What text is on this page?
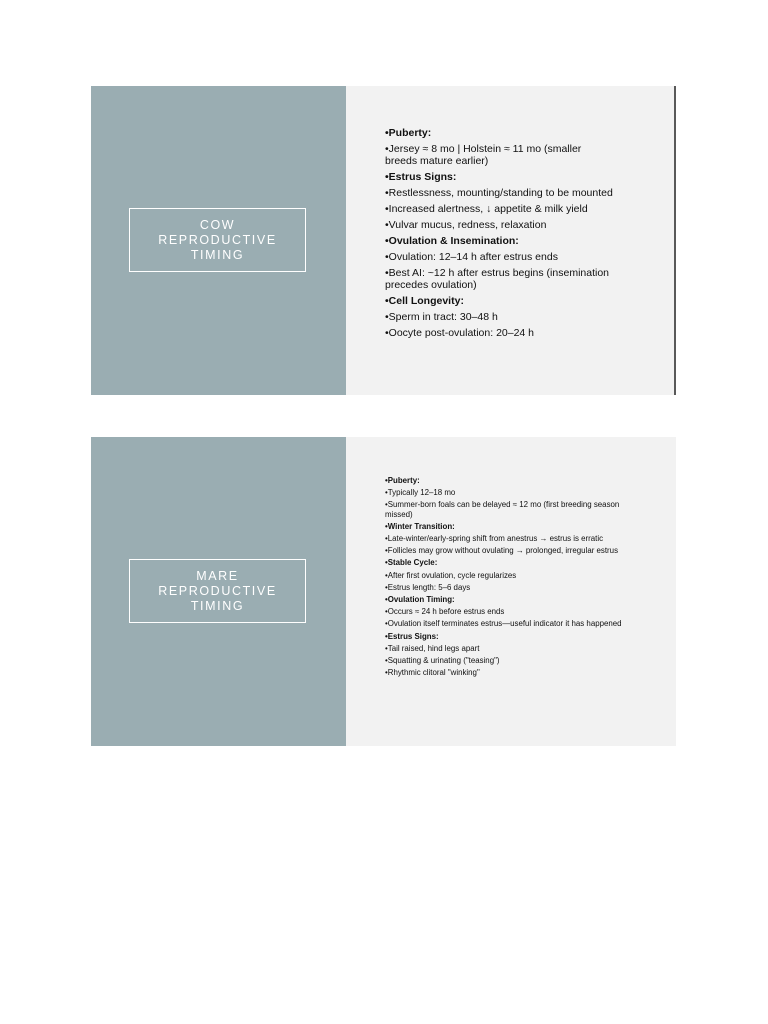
COW
REPRODUCTIVE
TIMING
•Puberty:
•Jersey ≈ 8 mo | Holstein ≈ 11 mo (smaller breeds mature earlier)
•Estrus Signs:
•Restlessness, mounting/standing to be mounted
•Increased alertness, ↓ appetite & milk yield
•Vulvar mucus, redness, relaxation
•Ovulation & Insemination:
•Ovulation: 12–14 h after estrus ends
•Best AI: ~12 h after estrus begins (insemination precedes ovulation)
•Cell Longevity:
•Sperm in tract: 30–48 h
•Oocyte post-ovulation: 20–24 h
MARE
REPRODUCTIVE
TIMING
•Puberty:
•Typically 12–18 mo
•Summer-born foals can be delayed ≈ 12 mo (first breeding season missed)
•Winter Transition:
•Late-winter/early-spring shift from anestrus → estrus is erratic
•Follicles may grow without ovulating → prolonged, irregular estrus
•Stable Cycle:
•After first ovulation, cycle regularizes
•Estrus length: 5–6 days
•Ovulation Timing:
•Occurs ≈ 24 h before estrus ends
•Ovulation itself terminates estrus—useful indicator it has happened
•Estrus Signs:
•Tail raised, hind legs apart
•Squatting & urinating ("teasing")
•Rhythmic clitoral "winking"
